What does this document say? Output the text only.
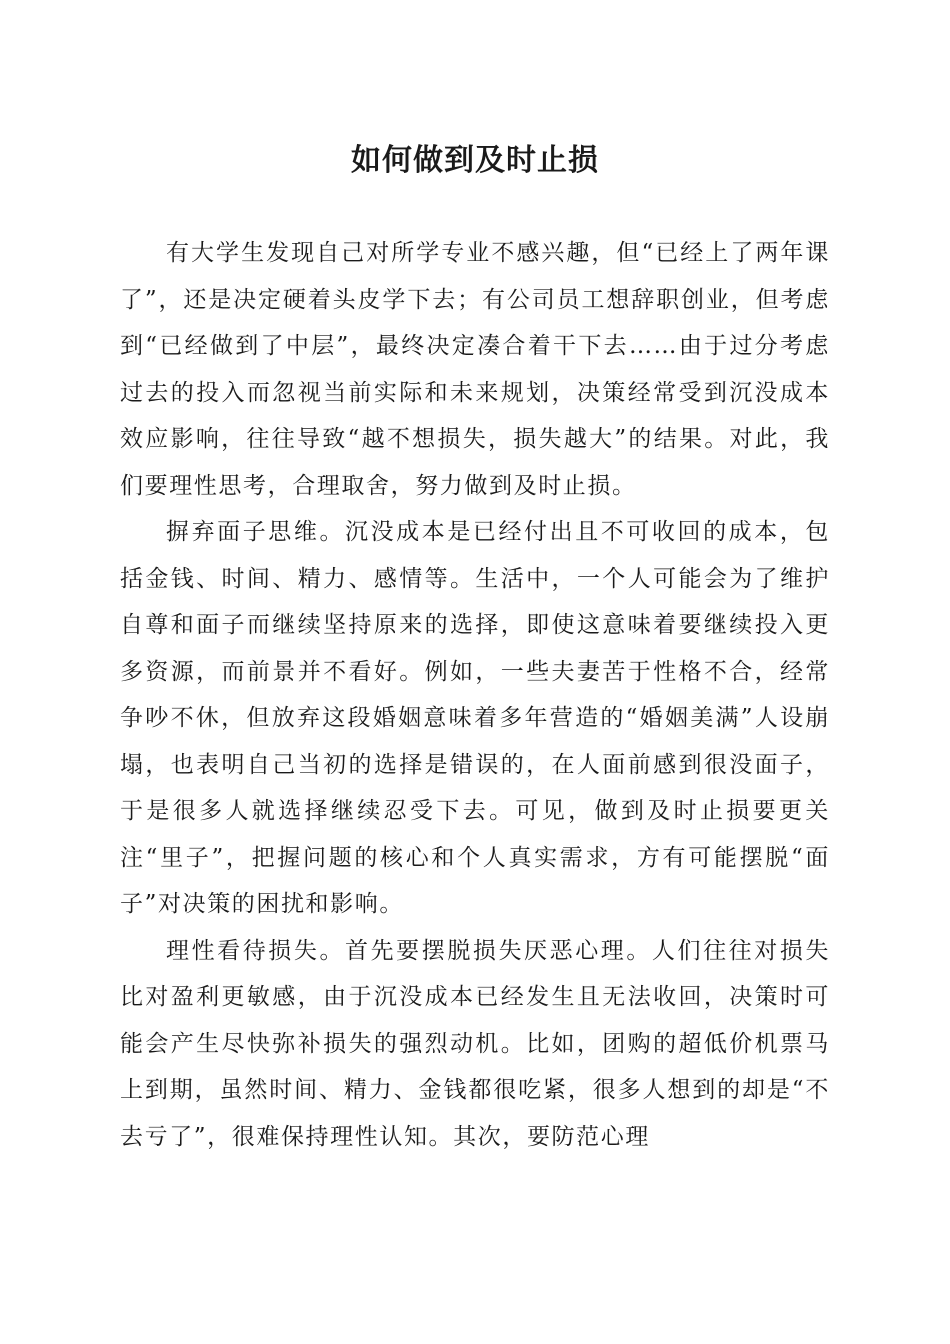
如何做到及时止损

有大学生发现自己对所学专业不感兴趣，但“已经上了两年课了”，还是决定硬着头皮学下去；有公司员工想辞职创业，但考虑到“已经做到了中层”，最终决定凑合着干下去……由于过分考虑过去的投入而忽视当前实际和未来规划，决策经常受到沉没成本效应影响，往往导致“越不想损失，损失越大”的结果。对此，我们要理性思考，合理取舍，努力做到及时止损。

摒弃面子思维。沉没成本是已经付出且不可收回的成本，包括金钱、时间、精力、感情等。生活中，一个人可能会为了维护自尊和面子而继续坚持原来的选择，即使这意味着要继续投入更多资源，而前景并不看好。例如，一些夫妻苦于性格不合，经常争吵不休，但放弃这段婚姻意味着多年营造的“婚姻美满”人设崩塌，也表明自己当初的选择是错误的，在人面前感到很没面子，于是很多人就选择继续忍受下去。可见，做到及时止损要更关注“里子”，把握问题的核心和个人真实需求，方有可能摆脱“面子”对决策的困扰和影响。

理性看待损失。首先要摆脱损失厌恶心理。人们往往对损失比对盈利更敏感，由于沉没成本已经发生且无法收回，决策时可能会产生尽快弥补损失的强烈动机。比如，团购的超低价机票马上到期，虽然时间、精力、金钱都很吃紧，很多人想到的却是“不去亏了”，很难保持理性认知。其次，要防范心理
